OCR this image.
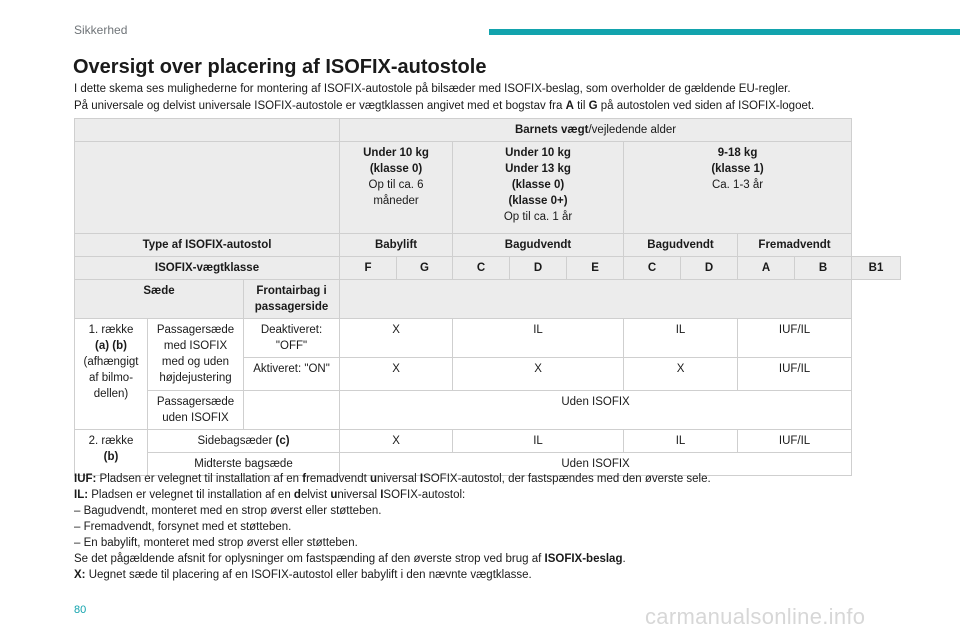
Sikkerhed
Oversigt over placering af ISOFIX-autostole

I dette skema ses mulighederne for montering af ISOFIX-autostole på bilsæder med ISOFIX-beslag, som overholder de gældende EU-regler.

På universale og delvist universale ISOFIX-autostole er vægtklassen angivet med et bogstav fra A til G på autostolen ved siden af ISOFIX-logoet.

			Barnets vægt/vejledende alder									
			Under 10 kg
(klasse 0)
Op til ca. 6
måneder		Under 10 kg
Under 13 kg
(klasse 0)
(klasse 0+)
Op til ca. 1 år			9-18 kg
(klasse 1)
Ca. 1-3 år				
Type af ISOFIX-autostol			Babylift		Bagudvendt			Bagudvendt		Fremadvendt		
ISOFIX-vægtklasse			F	G	C	D	E	C	D	A	B	B1
Sæde		Frontairbag i
passagerside										
1. række
(a) (b)
(afhængigt
af bilmo-
dellen)	Passagersæde
med ISOFIX
med og uden
højdejustering	Deaktiveret:
"OFF"	X		IL			IL		IUF/IL		
		Aktiveret: "ON"	X		X			X		IUF/IL		
	Passagersæde
uden ISOFIX		Uden ISOFIX									
2. række
(b)	Sidebagsæder (c)		X		IL			IL		IUF/IL		
	Midterste bagsæde		Uden ISOFIX									

IUF: Pladsen er velegnet til installation af en fremadvendt universal ISOFIX-autostol, der fastspændes med den øverste sele.

IL: Pladsen er velegnet til installation af en delvist universal ISOFIX-autostol:

– Bagudvendt, monteret med en strop øverst eller støtteben.

– Fremadvendt, forsynet med et støtteben.

– En babylift, monteret med strop øverst eller støtteben.

Se det pågældende afsnit for oplysninger om fastspænding af den øverste strop ved brug af ISOFIX-beslag.

X: Uegnet sæde til placering af en ISOFIX-autostol eller babylift i den nævnte vægtklasse.

80	carmanualsonline.info
